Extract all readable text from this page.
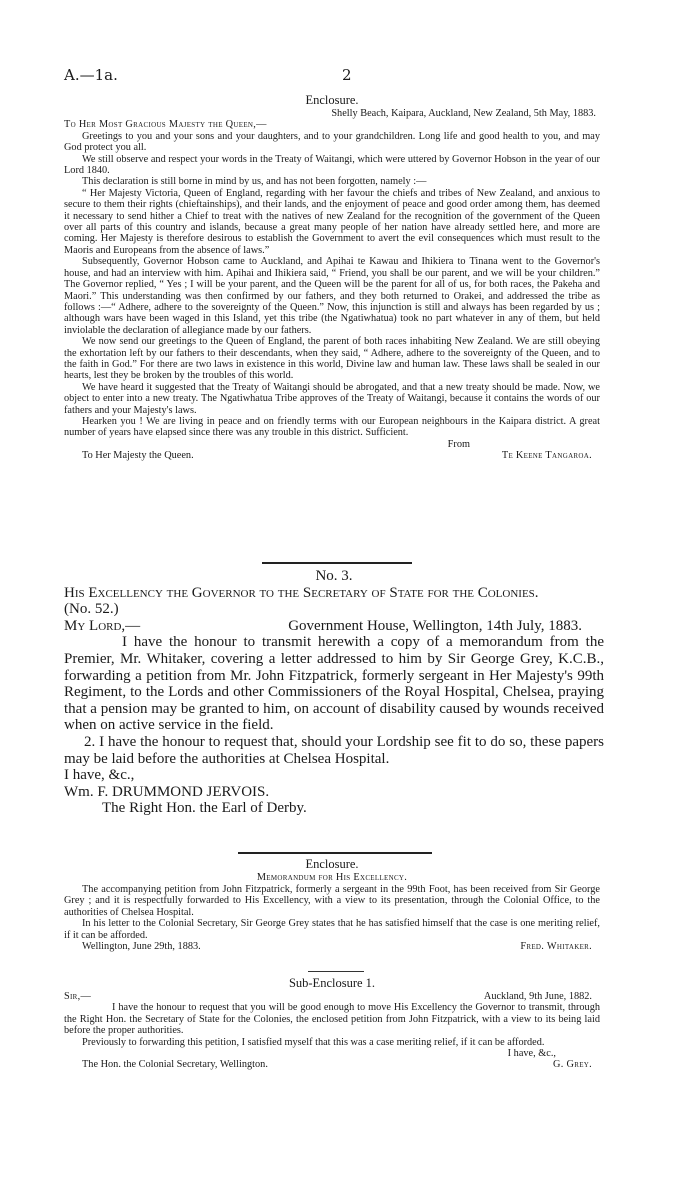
A.—1a.	2

Enclosure.

Shelly Beach, Kaipara, Auckland, New Zealand, 5th May, 1883.

To Her Most Gracious Majesty the Queen,—

Greetings to you and your sons and your daughters, and to your grandchildren. Long life and good health to you, and may God protect you all.

We still observe and respect your words in the Treaty of Waitangi, which were uttered by Governor Hobson in the year of our Lord 1840.

This declaration is still borne in mind by us, and has not been forgotten, namely :—

“ Her Majesty Victoria, Queen of England, regarding with her favour the chiefs and tribes of New Zealand, and anxious to secure to them their rights (chieftainships), and their lands, and the enjoyment of peace and good order among them, has deemed it necessary to send hither a Chief to treat with the natives of new Zealand for the recognition of the government of the Queen over all parts of this country and islands, because a great many people of her nation have already settled here, and more are coming. Her Majesty is therefore desirous to establish the Government to avert the evil consequences which must result to the Maoris and Europeans from the absence of laws.”

Subsequently, Governor Hobson came to Auckland, and Apihai te Kawau and Ihikiera to Tinana went to the Governor's house, and had an interview with him. Apihai and Ihikiera said, “ Friend, you shall be our parent, and we will be your children.” The Governor replied, “ Yes ; I will be your parent, and the Queen will be the parent for all of us, for both races, the Pakeha and Maori.” This understanding was then confirmed by our fathers, and they both returned to Orakei, and addressed the tribe as follows :—“ Adhere, adhere to the sovereignty of the Queen.” Now, this injunction is still and always has been regarded by us ; although wars have been waged in this Island, yet this tribe (the Ngatiwhatua) took no part whatever in any of them, but held inviolable the declaration of allegiance made by our fathers.

We now send our greetings to the Queen of England, the parent of both races inhabiting New Zealand. We are still obeying the exhortation left by our fathers to their descendants, when they said, “ Adhere, adhere to the sovereignty of the Queen, and to the faith in God.” For there are two laws in existence in this world, Divine law and human law. These laws shall be sealed in our hearts, lest they be broken by the troubles of this world.

We have heard it suggested that the Treaty of Waitangi should be abrogated, and that a new treaty should be made. Now, we object to enter into a new treaty. The Ngatiwhatua Tribe approves of the Treaty of Waitangi, because it contains the words of our fathers and your Majesty's laws.

Hearken you ! We are living in peace and on friendly terms with our European neighbours in the Kaipara district. A great number of years have elapsed since there was any trouble in this district. Sufficient.

From

To Her Majesty the Queen.	Te Keene Tangaroa.

No. 3.

His Excellency the Governor to the Secretary of State for the Colonies.

(No. 52.)

My Lord,—	Government House, Wellington, 14th July, 1883.

I have the honour to transmit herewith a copy of a memorandum from the Premier, Mr. Whitaker, covering a letter addressed to him by Sir George Grey, K.C.B., forwarding a petition from Mr. John Fitzpatrick, formerly sergeant in Her Majesty's 99th Regiment, to the Lords and other Commissioners of the Royal Hospital, Chelsea, praying that a pension may be granted to him, on account of disability caused by wounds received when on active service in the field.

2. I have the honour to request that, should your Lordship see fit to do so, these papers may be laid before the authorities at Chelsea Hospital.

I have, &c.,

Wm. F. DRUMMOND JERVOIS.

The Right Hon. the Earl of Derby.

Enclosure.

Memorandum for His Excellency.

The accompanying petition from John Fitzpatrick, formerly a sergeant in the 99th Foot, has been received from Sir George Grey ; and it is respectfully forwarded to His Excellency, with a view to its presentation, through the Colonial Office, to the authorities of Chelsea Hospital.

In his letter to the Colonial Secretary, Sir George Grey states that he has satisfied himself that the case is one meriting relief, if it can be afforded.

Wellington, June 29th, 1883.	Fred. Whitaker.

Sub-Enclosure 1.

Sir,—	Auckland, 9th June, 1882.

I have the honour to request that you will be good enough to move His Excellency the Governor to transmit, through the Right Hon. the Secretary of State for the Colonies, the enclosed petition from John Fitzpatrick, with a view to its being laid before the proper authorities.

Previously to forwarding this petition, I satisfied myself that this was a case meriting relief, if it can be afforded.

I have, &c.,

The Hon. the Colonial Secretary, Wellington.	G. Grey.
